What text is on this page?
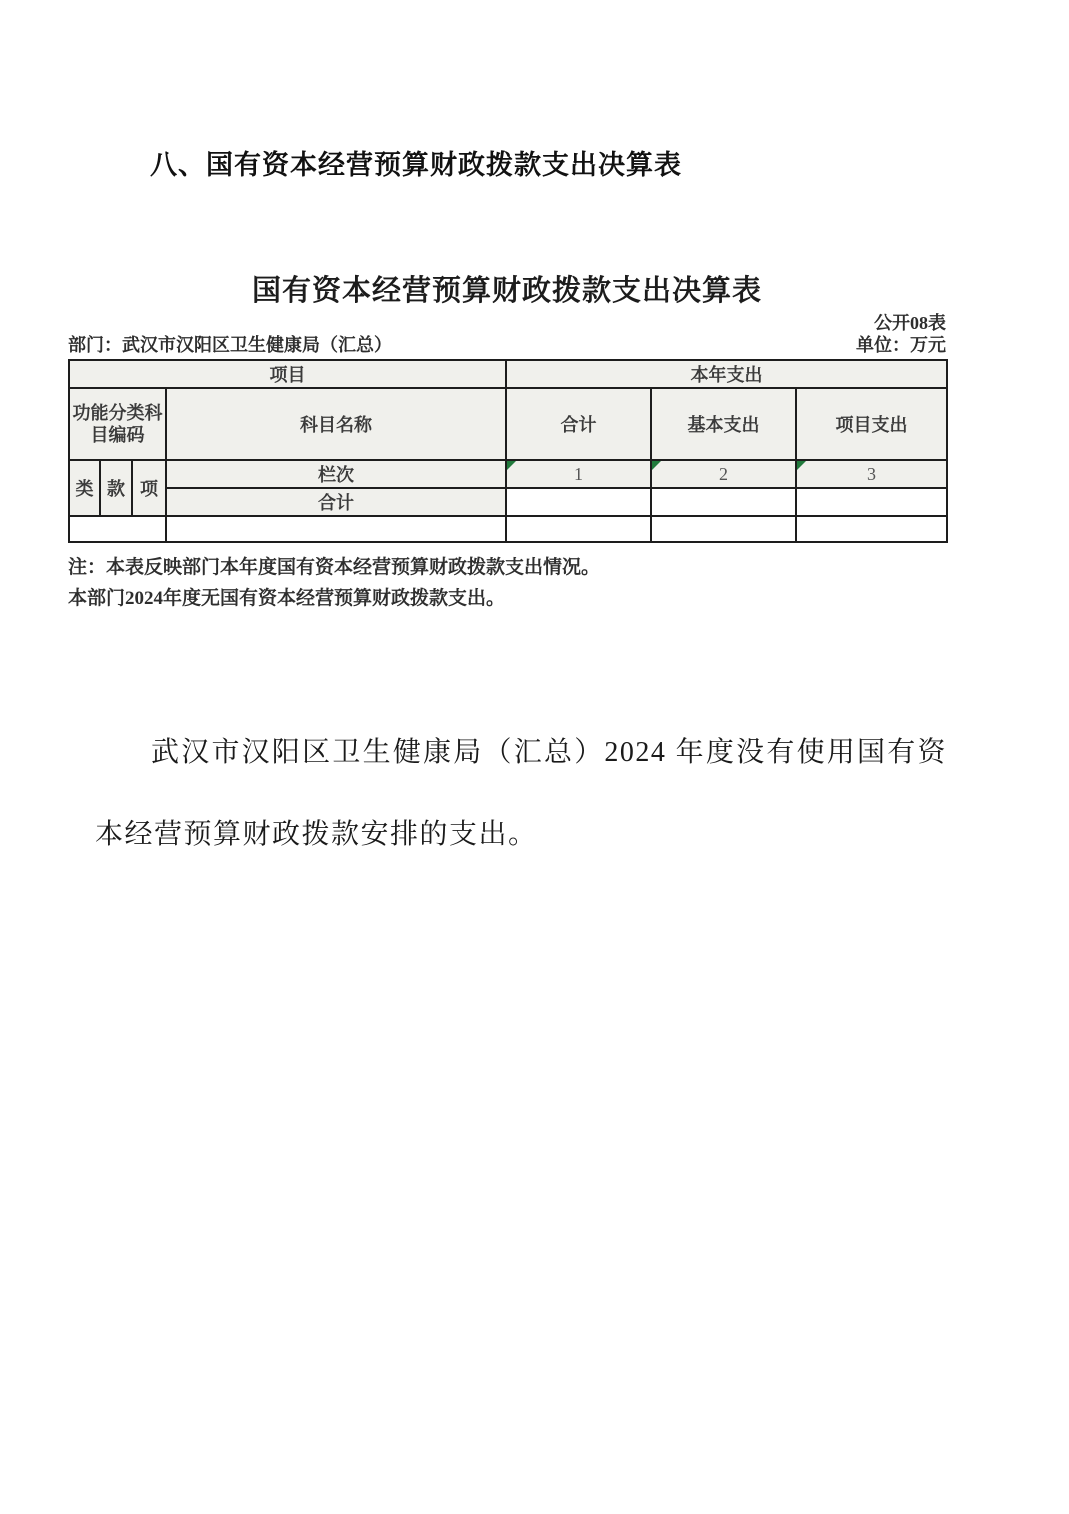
八、国有资本经营预算财政拨款支出决算表
国有资本经营预算财政拨款支出决算表
公开08表
部门：武汉市汉阳区卫生健康局（汇总）	单位：万元
项目				本年支出		
功能分类科目编码			科目名称	合计	基本支出	项目支出
类	款	项	栏次	1	2	3
			合计			

注：本表反映部门本年度国有资本经营预算财政拨款支出情况。
本部门2024年度无国有资本经营预算财政拨款支出。

武汉市汉阳区卫生健康局（汇总）2024 年度没有使用国有资本经营预算财政拨款安排的支出。
